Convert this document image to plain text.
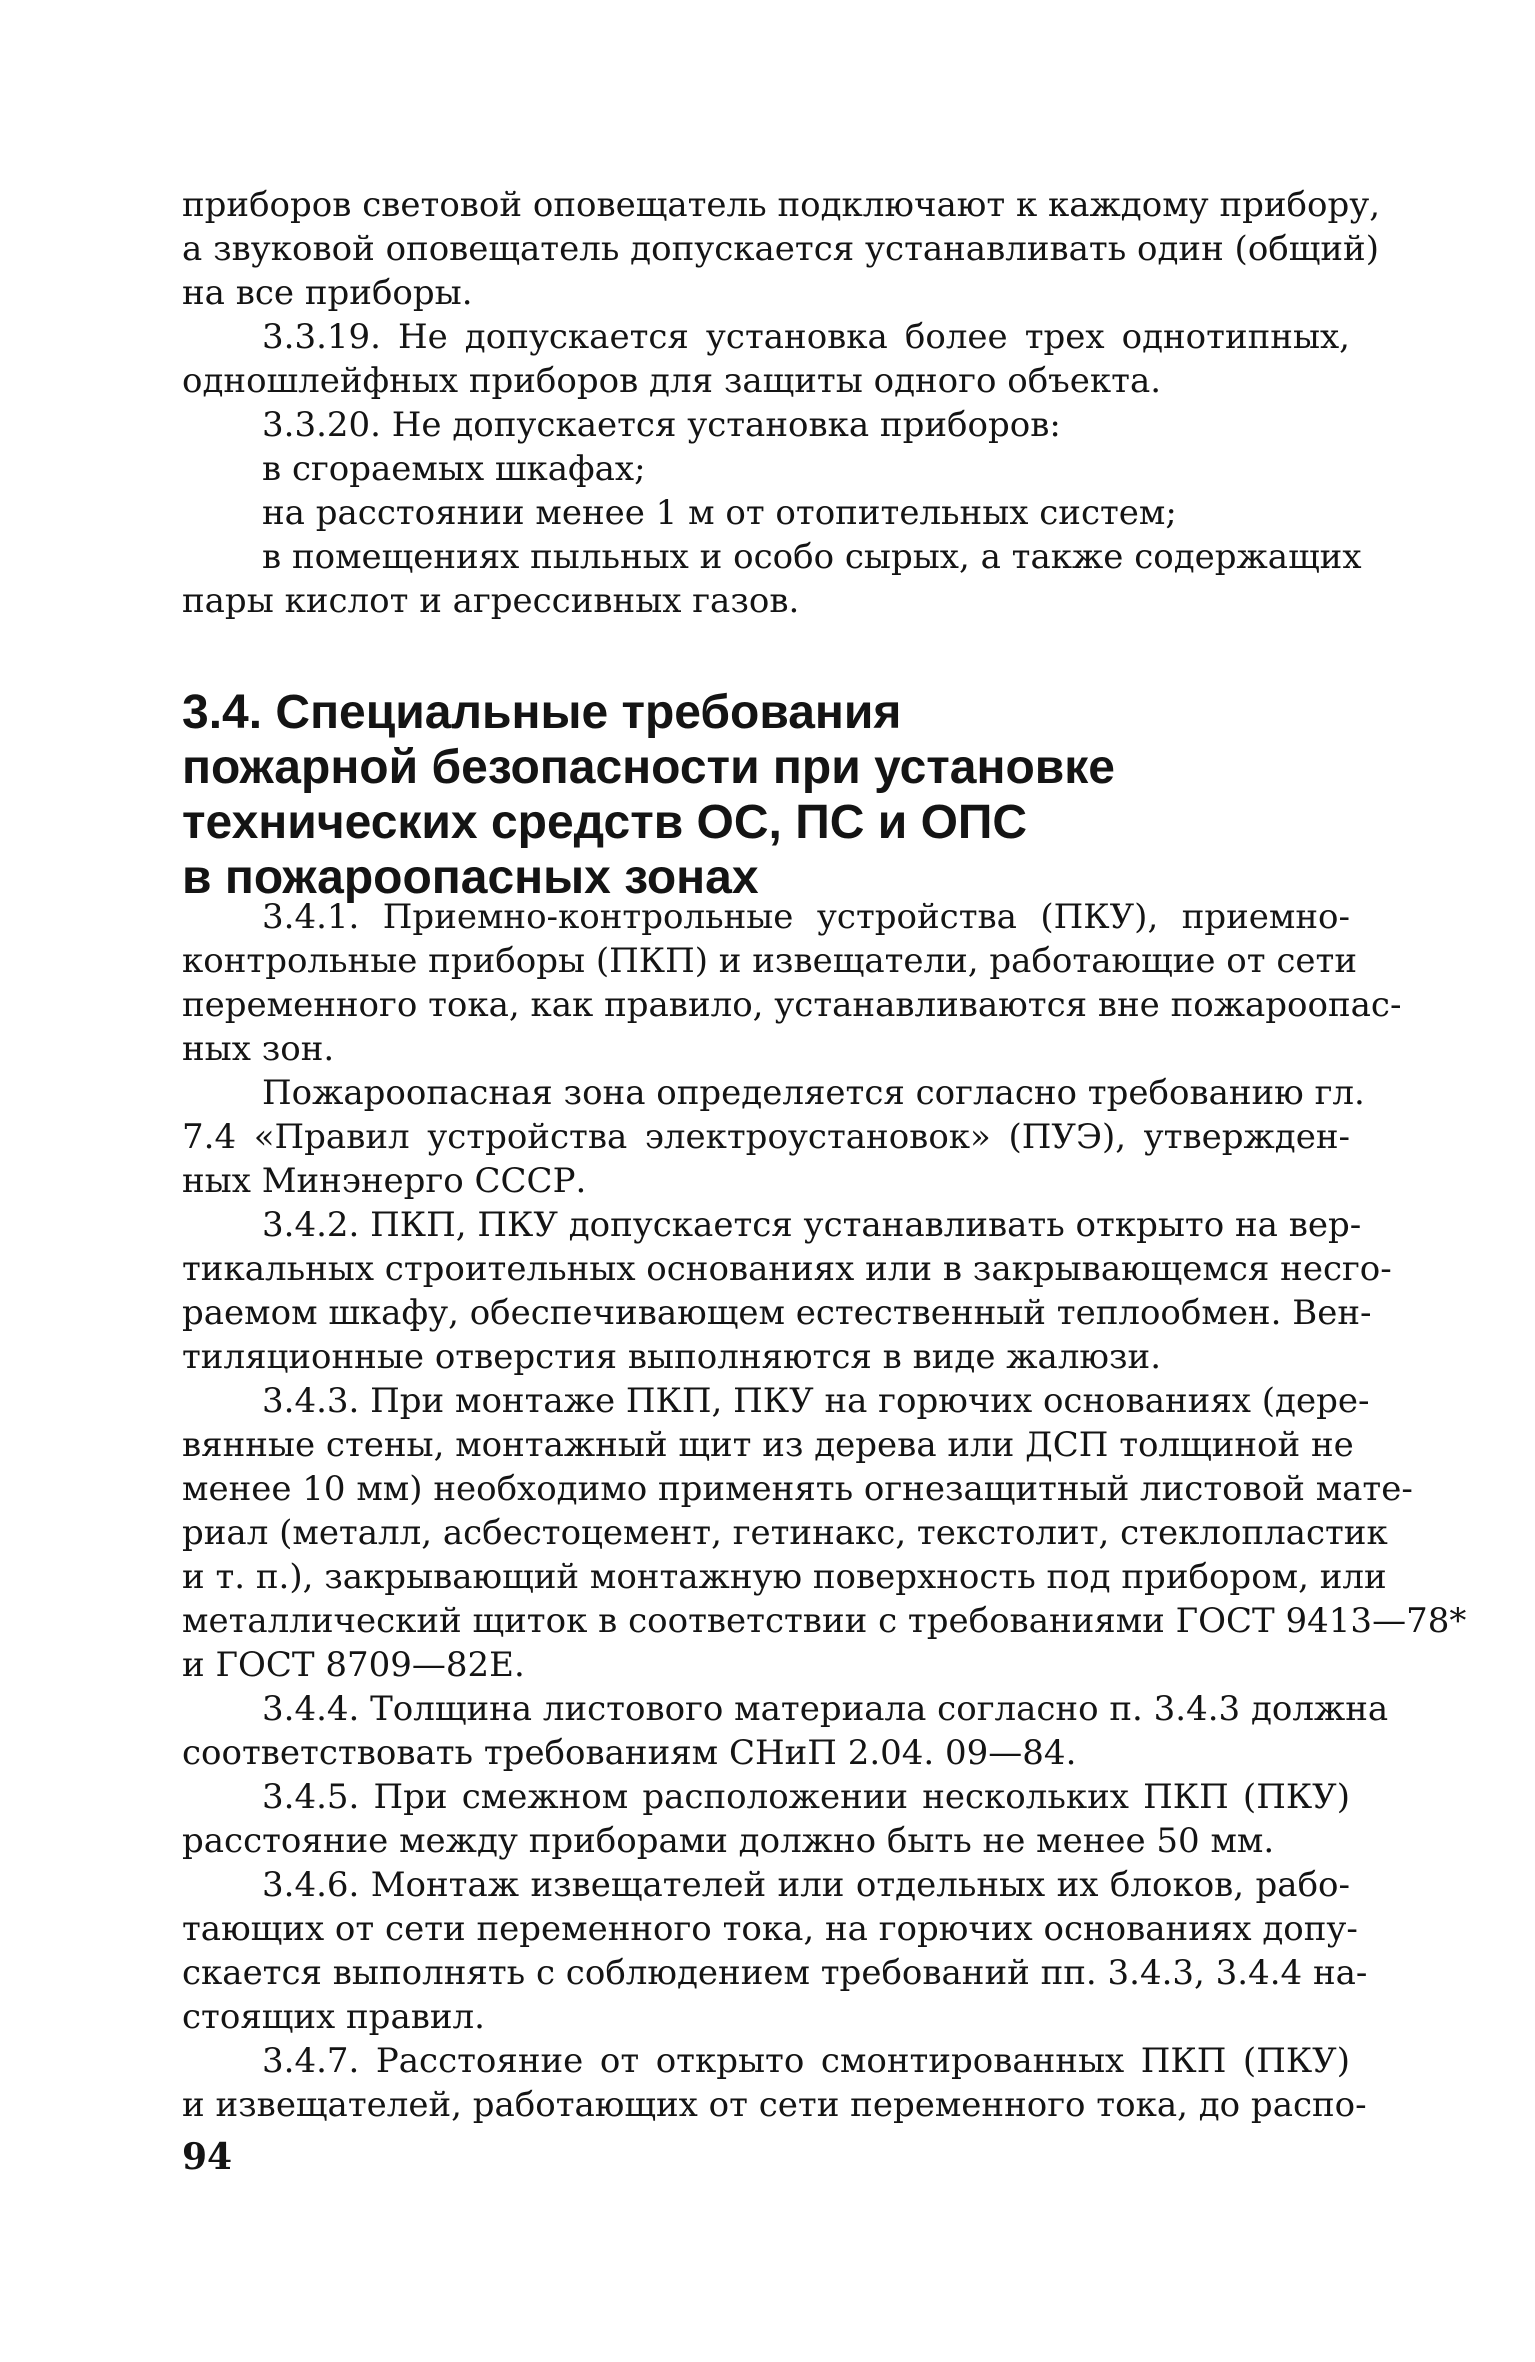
приборов световой оповещатель подключают к каждому прибору,
а звуковой оповещатель допускается устанавливать один (общий)
на все приборы.
3.3.19. Не допускается установка более трех однотипных,
одношлейфных приборов для защиты одного объекта.
3.3.20. Не допускается установка приборов:
в сгораемых шкафах;
на расстоянии менее 1 м от отопительных систем;
в помещениях пыльных и особо сырых, а также содержащих
пары кислот и агрессивных газов.
3.4. Специальные требования
пожарной безопасности при установке
технических средств ОС, ПС и ОПС
в пожароопасных зонах
3.4.1. Приемно-контрольные устройства (ПКУ), приемно-
контрольные приборы (ПКП) и извещатели, работающие от сети
переменного тока, как правило, устанавливаются вне пожароопас-
ных зон.
Пожароопасная зона определяется согласно требованию гл.
7.4 «Правил устройства электроустановок» (ПУЭ), утвержден-
ных Минэнерго СССР.
3.4.2. ПКП, ПКУ допускается устанавливать открыто на вер-
тикальных строительных основаниях или в закрывающемся несго-
раемом шкафу, обеспечивающем естественный теплообмен. Вен-
тиляционные отверстия выполняются в виде жалюзи.
3.4.3. При монтаже ПКП, ПКУ на горючих основаниях (дере-
вянные стены, монтажный щит из дерева или ДСП толщиной не
менее 10 мм) необходимо применять огнезащитный листовой мате-
риал (металл, асбестоцемент, гетинакс, текстолит, стеклопластик
и т. п.), закрывающий монтажную поверхность под прибором, или
металлический щиток в соответствии с требованиями ГОСТ 9413—78*
и ГОСТ 8709—82Е.
3.4.4. Толщина листового материала согласно п. 3.4.3 должна
соответствовать требованиям СНиП 2.04. 09—84.
3.4.5. При смежном расположении нескольких ПКП (ПКУ)
расстояние между приборами должно быть не менее 50 мм.
3.4.6. Монтаж извещателей или отдельных их блоков, рабо-
тающих от сети переменного тока, на горючих основаниях допу-
скается выполнять с соблюдением требований пп. 3.4.3, 3.4.4 на-
стоящих правил.
3.4.7. Расстояние от открыто смонтированных ПКП (ПКУ)
и извещателей, работающих от сети переменного тока, до распо-
94
